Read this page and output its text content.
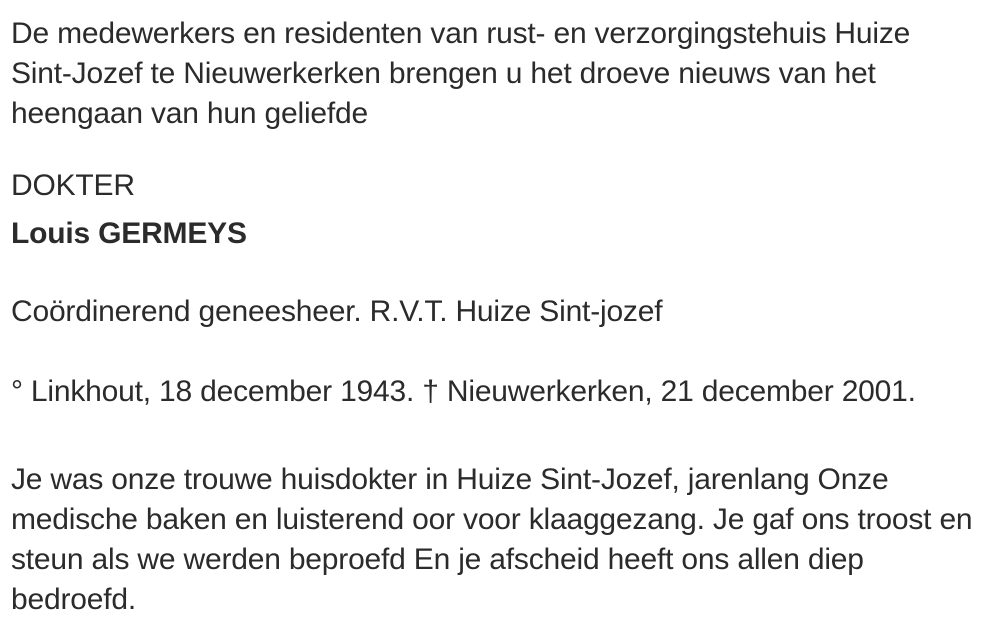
De medewerkers en residenten van rust- en verzorgingstehuis Huize
Sint-Jozef te Nieuwerkerken brengen u het droeve nieuws van het
heengaan van hun geliefde
DOKTER
Louis GERMEYS
Coördinerend geneesheer. R.V.T. Huize Sint-jozef
° Linkhout, 18 december 1943. † Nieuwerkerken, 21 december 2001.
Je was onze trouwe huisdokter in Huize Sint-Jozef, jarenlang Onze
medische baken en luisterend oor voor klaaggezang. Je gaf ons troost en
steun als we werden beproefd En je afscheid heeft ons allen diep
bedroefd.
